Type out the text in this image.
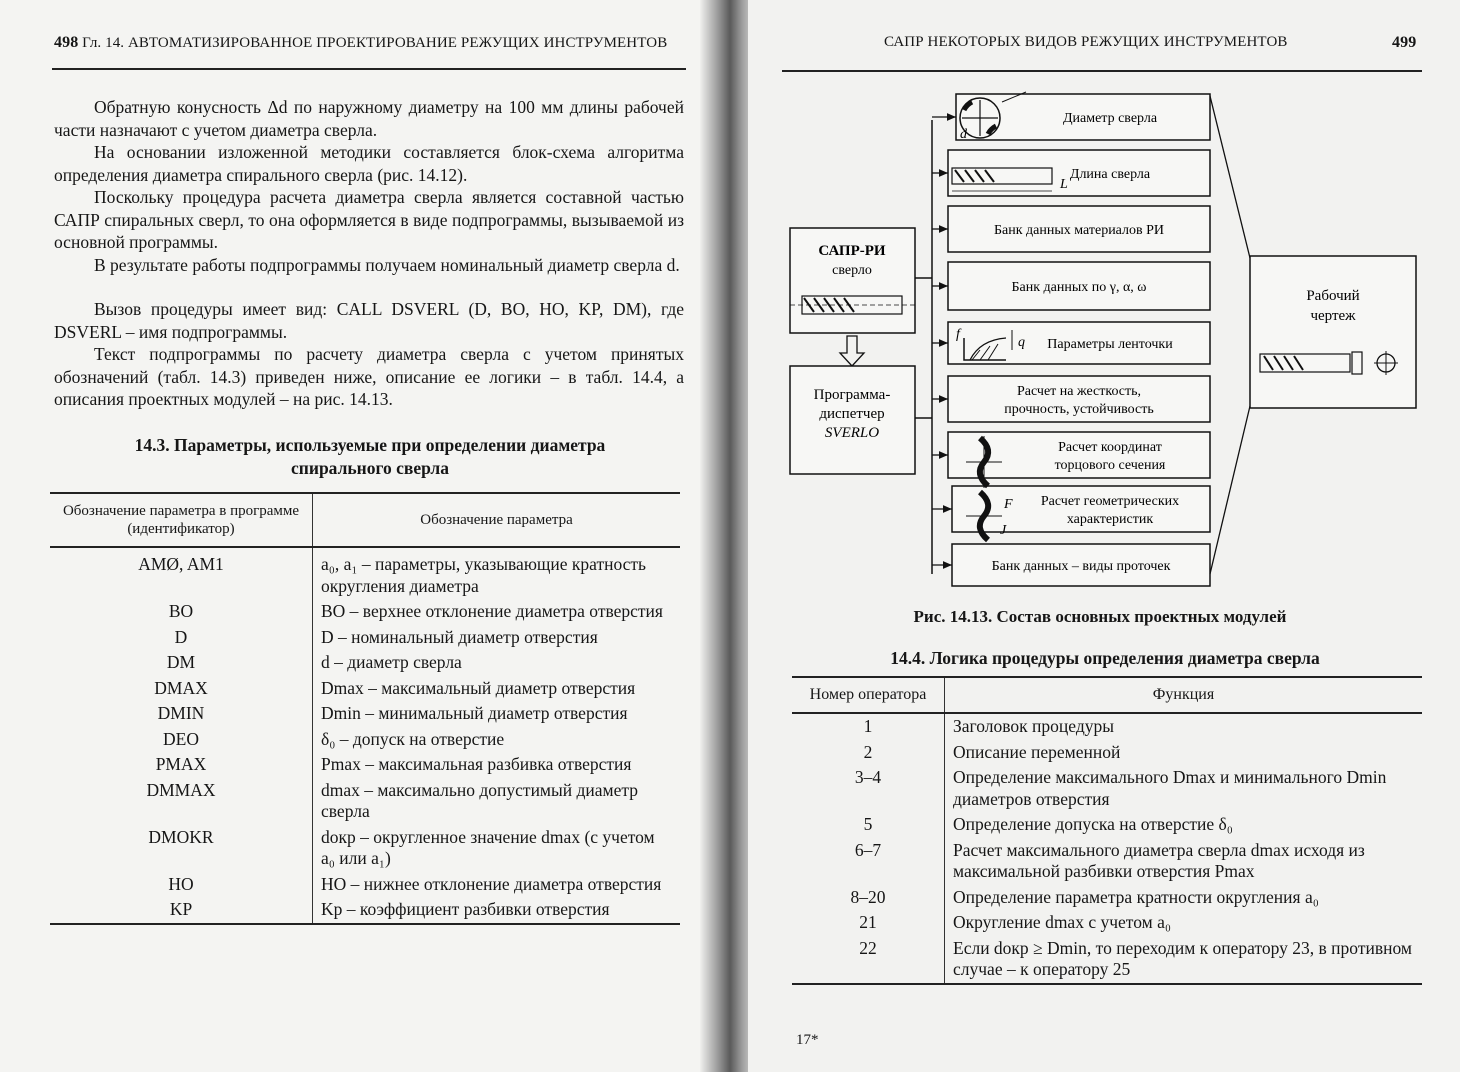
498 Гл. 14. АВТОМАТИЗИРОВАННОЕ ПРОЕКТИРОВАНИЕ РЕЖУЩИХ ИНСТРУМЕНТОВ

Обратную конусность Δd по наружному диаметру на 100 мм длины рабочей части назначают с учетом диаметра сверла.

На основании изложенной методики составляется блок-схема алгоритма определения диаметра спирального сверла (рис. 14.12).

Поскольку процедура расчета диаметра сверла является составной частью САПР спиральных сверл, то она оформляется в виде подпрограммы, вызываемой из основной программы.

В результате работы подпрограммы получаем номинальный диаметр сверла d.

Вызов процедуры имеет вид: CALL DSVERL (D, BO, HO, KP, DM), где DSVERL – имя подпрограммы.

Текст подпрограммы по расчету диаметра сверла с учетом принятых обозначений (табл. 14.3) приведен ниже, описание ее логики – в табл. 14.4, а описания проектных модулей – на рис. 14.13.

14.3. Параметры, используемые при определении диаметра спирального сверла
Обозначение параметра в программе (идентификатор)	Обозначение параметра
AMØ, AM1	a₀, a₁ – параметры, указывающие кратность округления диаметра
BO	BO – верхнее отклонение диаметра отверстия
D	D – номинальный диаметр отверстия
DM	d – диаметр сверла
DMAX	Dmax – максимальный диаметр отверстия
DMIN	Dmin – минимальный диаметр отверстия
DEO	δ₀ – допуск на отверстие
PMAX	Pmax – максимальная разбивка отверстия
DMMAX	dmax – максимально допустимый диаметр сверла
DMOKR	dокр – округленное значение dmax (с учетом a₀ или a₁)
HO	HO – нижнее отклонение диаметра отверстия
KP	Kр – коэффициент разбивки отверстия
САПР НЕКОТОРЫХ ВИДОВ РЕЖУЩИХ ИНСТРУМЕНТОВ	499
САПР-РИ
сверло
Программа-
диспетчер
SVERLO
Диаметр сверла
Длина сверла
Банк данных материалов РИ
Банк данных по γ, α, ω
Параметры ленточки
Расчет на жесткость, прочность, устойчивость
Расчет координат торцового сечения
Расчет геометрических характеристик
Банк данных – виды проточек
d
L
f
q
F
J
Рабочий
чертеж
Рис. 14.13. Состав основных проектных модулей
14.4. Логика процедуры определения диаметра сверла
Номер оператора	Функция
1	Заголовок процедуры
2	Описание переменной
3–4	Определение максимального Dmax и минимального Dmin диаметров отверстия
5	Определение допуска на отверстие δ₀
6–7	Расчет максимального диаметра сверла dmax исходя из максимальной разбивки отверстия Pmax
8–20	Определение параметра кратности округления a₀
21	Округление dmax с учетом a₀
22	Если dокр ≥ Dmin, то переходим к оператору 23, в противном случае – к оператору 25
17*
